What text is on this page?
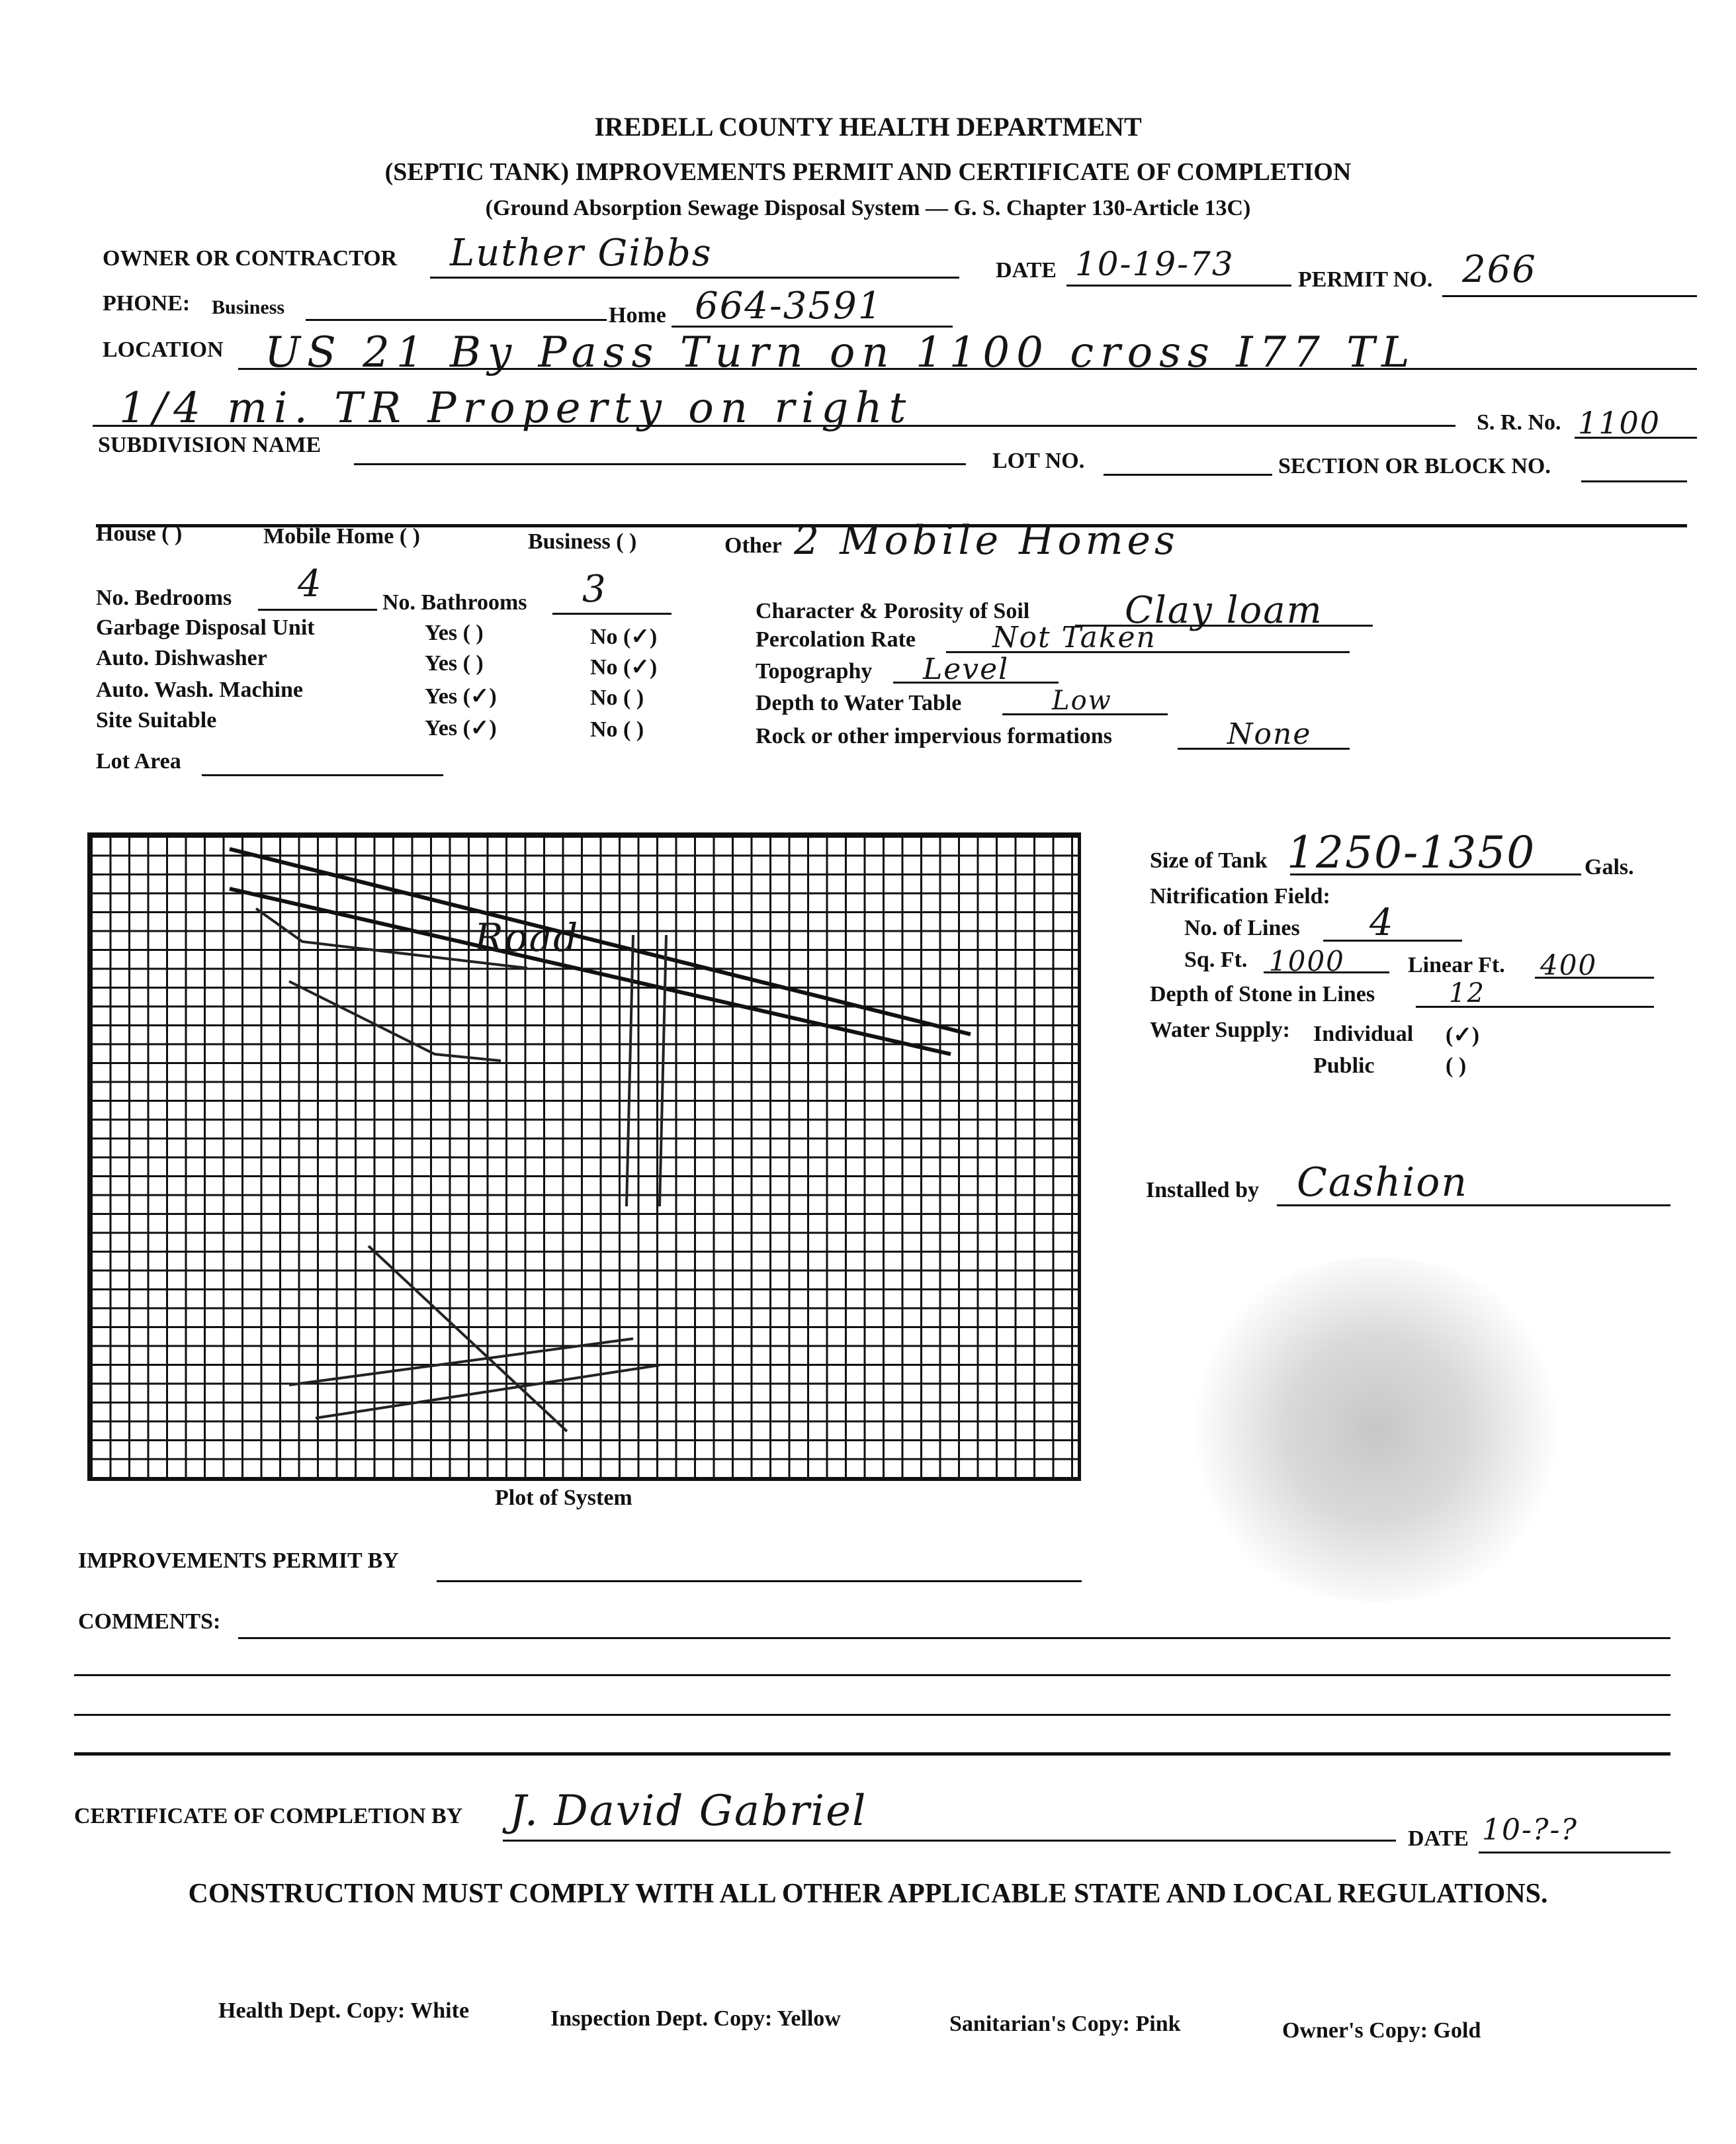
IREDELL COUNTY HEALTH DEPARTMENT
(SEPTIC TANK) IMPROVEMENTS PERMIT AND CERTIFICATE OF COMPLETION
(Ground Absorption Sewage Disposal System — G. S. Chapter 130-Article 13C)
OWNER OR CONTRACTOR Luther Gibbs	DATE 10-19-73	PERMIT NO. 266
PHONE: Business	Home 664-3591
LOCATION US 21 By Pass Turn on 1100 cross I77 TL
1/4 mi. TR Property on right	S. R. No. 1100
SUBDIVISION NAME
LOT NO.	SECTION OR BLOCK NO.
House ( )	Mobile Home ( )	Business ( )	Other 2 Mobile Homes
No. Bedrooms 4	No. Bathrooms 3
Garbage Disposal Unit	Yes ( )	No (✓)
Auto. Dishwasher	Yes ( )	No (✓)
Auto. Wash. Machine	Yes (✓)	No ( )
Site Suitable	Yes (✓)	No ( )
Lot Area
Character & Porosity of Soil	Clay loam
Percolation Rate	Not Taken
Topography Level
Depth to Water Table	Low
Rock or other impervious formations	None
Road
Plot of System
Size of Tank 1250-1350 Gals.
Nitrification Field:
No. of Lines 4
Sq. Ft. 1000	Linear Ft. 400
Depth of Stone in Lines	12
Water Supply: Individual (✓)
Public	( )
Installed by Cashion
IMPROVEMENTS PERMIT BY
COMMENTS:
CERTIFICATE OF COMPLETION BY J. David Gabriel
DATE 10-?-?
CONSTRUCTION MUST COMPLY WITH ALL OTHER APPLICABLE STATE AND LOCAL REGULATIONS.
Health Dept. Copy: White	Inspection Dept. Copy: Yellow	Sanitarian's Copy: Pink	Owner's Copy: Gold
